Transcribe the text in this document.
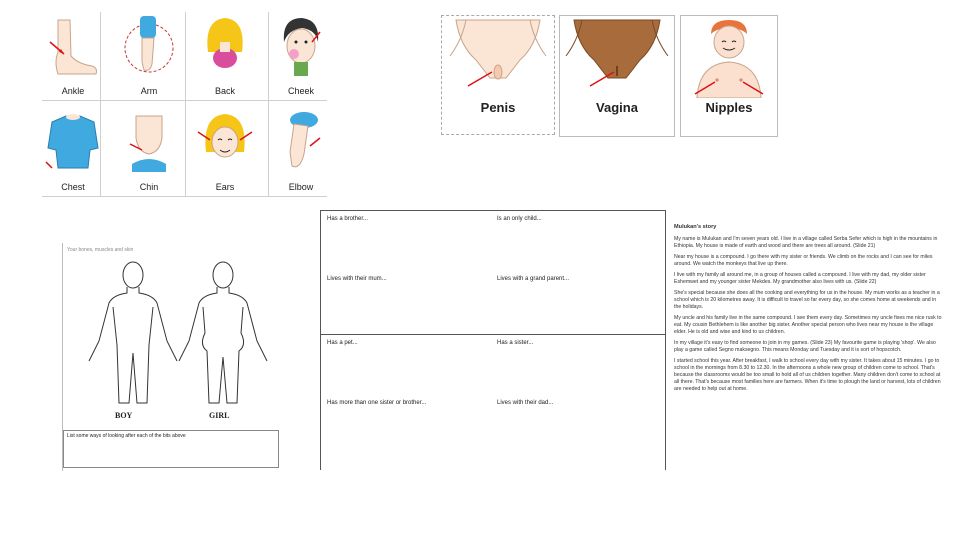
Ankle	Arm	Back	Cheek
Chest	Chin	Ears	Elbow
Penis	Vagina	Nipples
Your bones, muscles and skin
BOY	GIRL
List some ways of looking after each of the bits above
Has a brother...	Is an only child...
Lives with their mum...	Lives with a grand parent...
Has a pet...	Has a sister...
Has more than one sister or brother...	Lives with their dad...

Mulukan's story

My name is Mulukan and I'm seven years old. I live in a village called Serba Sefer which is high in the mountains in Ethiopia. My house is made of earth and wood and there are trees all around. (Slide 21)

Near my house is a compound. I go there with my sister or friends. We climb on the rocks and I can see for miles around. We watch the monkeys that live up there.

I live with my family all around me, in a group of houses called a compound. I live with my dad, my older sister Eshemwet and my younger sister Mekdes. My grandmother also lives with us. (Slide 22)

She's special because she does all the cooking and everything for us in the house. My mum works as a teacher in a school which is 20 kilometres away. It is difficult to travel so far every day, so she comes home at weekends and in the holidays.

My uncle and his family live in the same compound. I see them every day. Sometimes my uncle fixes me nice rusk to eat. My cousin Bethlehem is like another big sister. Another special person who lives near my house is the village elder. He is old and wise and kind to us children.

In my village it's easy to find someone to join in my games. (Slide 23) My favourite game is playing 'shop'. We also play a game called Segno maksegno. This means Monday and Tuesday and it is sort of hopscotch.

I started school this year. After breakfast, I walk to school every day with my sister. It takes about 15 minutes. I go to school in the mornings from 8.30 to 12.30. In the afternoons a whole new group of children come to school. That's because the classrooms would be too small to hold all of us children together. Many children don't come to school at all there. That's because most families here are farmers. When it's time to plough the land or harvest, lots of children are needed to help out at home.
